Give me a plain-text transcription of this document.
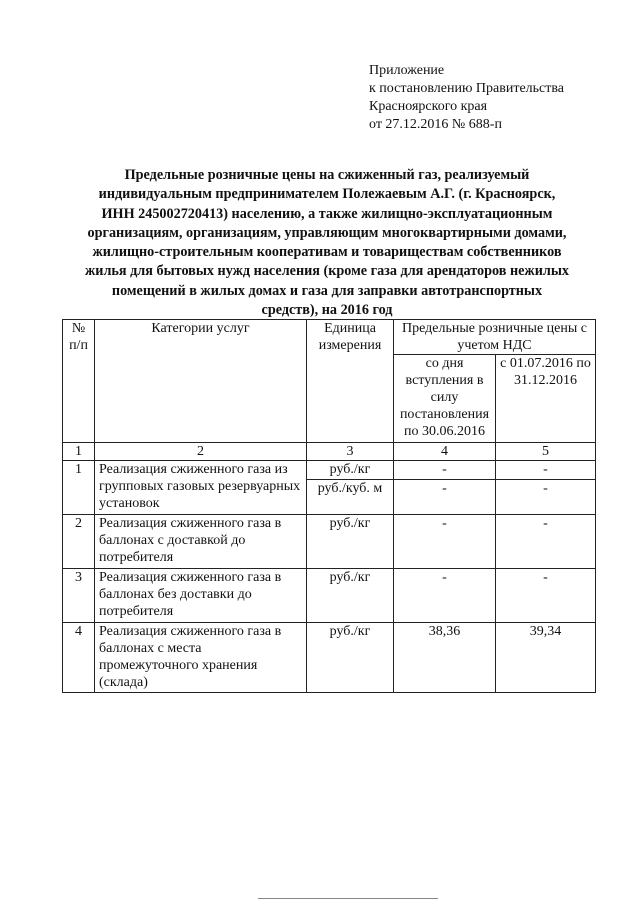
Приложение
к постановлению Правительства
Красноярского края
от 27.12.2016 № 688-п
Предельные розничные цены на сжиженный газ, реализуемый
индивидуальным предпринимателем Полежаевым А.Г. (г. Красноярск,
ИНН 245002720413) населению, а также жилищно-эксплуатационным
организациям, организациям, управляющим многоквартирными домами,
жилищно-строительным кооперативам и товариществам собственников
жилья для бытовых нужд населения (кроме газа для арендаторов нежилых
помещений в жилых домах и газа для заправки автотранспортных
средств), на 2016 год
№ п/п	Категории услуг	Единица измерения	Предельные розничные цены с учетом НДС	
			со дня вступления в силу постановления по 30.06.2016	с 01.07.2016 по 31.12.2016
1	2	3	4	5
1	Реализация сжиженного газа из групповых газовых резервуарных установок	руб./кг	-	-
		руб./куб. м	-	-
2	Реализация сжиженного газа в баллонах с доставкой до потребителя	руб./кг	-	-
3	Реализация сжиженного газа в баллонах без доставки до потребителя	руб./кг	-	-
4	Реализация сжиженного газа в баллонах с места промежуточного хранения (склада)	руб./кг	38,36	39,34
